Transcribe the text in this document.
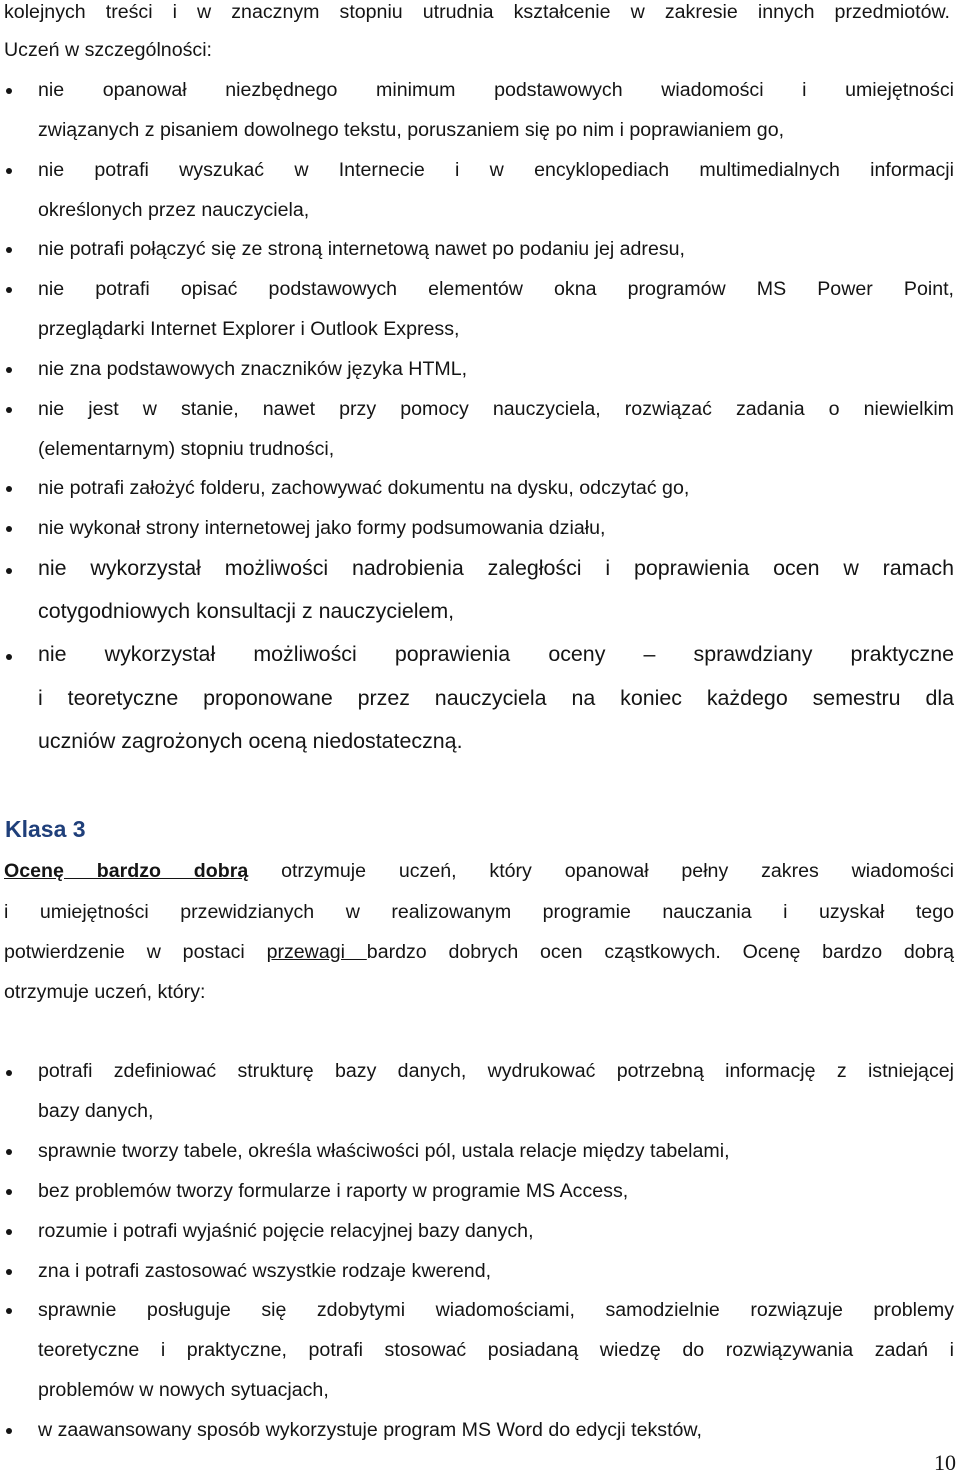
kolejnych treści i w znacznym stopniu utrudnia kształcenie w zakresie innych przedmiotów.

Uczeń w szczególności:

nie opanował niezbędnego minimum podstawowych wiadomości i umiejętności

związanych z pisaniem dowolnego tekstu, poruszaniem się po nim i poprawianiem go,

nie potrafi wyszukać w Internecie i w encyklopediach multimedialnych informacji

określonych przez nauczyciela,

nie potrafi połączyć się ze stroną internetową nawet po podaniu jej adresu,

nie potrafi opisać podstawowych elementów okna programów MS Power Point,

przeglądarki Internet Explorer i Outlook Express,

nie zna podstawowych znaczników języka HTML,

nie jest w stanie, nawet przy pomocy nauczyciela, rozwiązać zadania o niewielkim

(elementarnym) stopniu trudności,

nie potrafi założyć folderu, zachowywać dokumentu na dysku, odczytać go,

nie wykonał strony internetowej jako formy podsumowania działu,

nie wykorzystał możliwości nadrobienia zaległości i poprawienia ocen w ramach

cotygodniowych konsultacji z nauczycielem,

nie wykorzystał możliwości poprawienia oceny – sprawdziany praktyczne

i teoretyczne proponowane przez nauczyciela na koniec każdego semestru dla

uczniów zagrożonych oceną niedostateczną.

Klasa 3

Ocenę bardzo dobrą otrzymuje uczeń, który opanował pełny zakres wiadomości

i umiejętności przewidzianych w realizowanym programie nauczania i uzyskał tego

potwierdzenie w postaci przewagi bardzo dobrych ocen cząstkowych. Ocenę bardzo dobrą

otrzymuje uczeń, który:

potrafi zdefiniować strukturę bazy danych, wydrukować potrzebną informację z istniejącej

bazy danych,

sprawnie tworzy tabele, określa właściwości pól, ustala relacje między tabelami,

bez problemów tworzy formularze i raporty w programie MS Access,

rozumie i potrafi wyjaśnić pojęcie relacyjnej bazy danych,

zna i potrafi zastosować wszystkie rodzaje kwerend,

sprawnie posługuje się zdobytymi wiadomościami, samodzielnie rozwiązuje problemy

teoretyczne i praktyczne, potrafi stosować posiadaną wiedzę do rozwiązywania zadań i

problemów w nowych sytuacjach,

w zaawansowany sposób wykorzystuje program MS Word do edycji tekstów,

10
